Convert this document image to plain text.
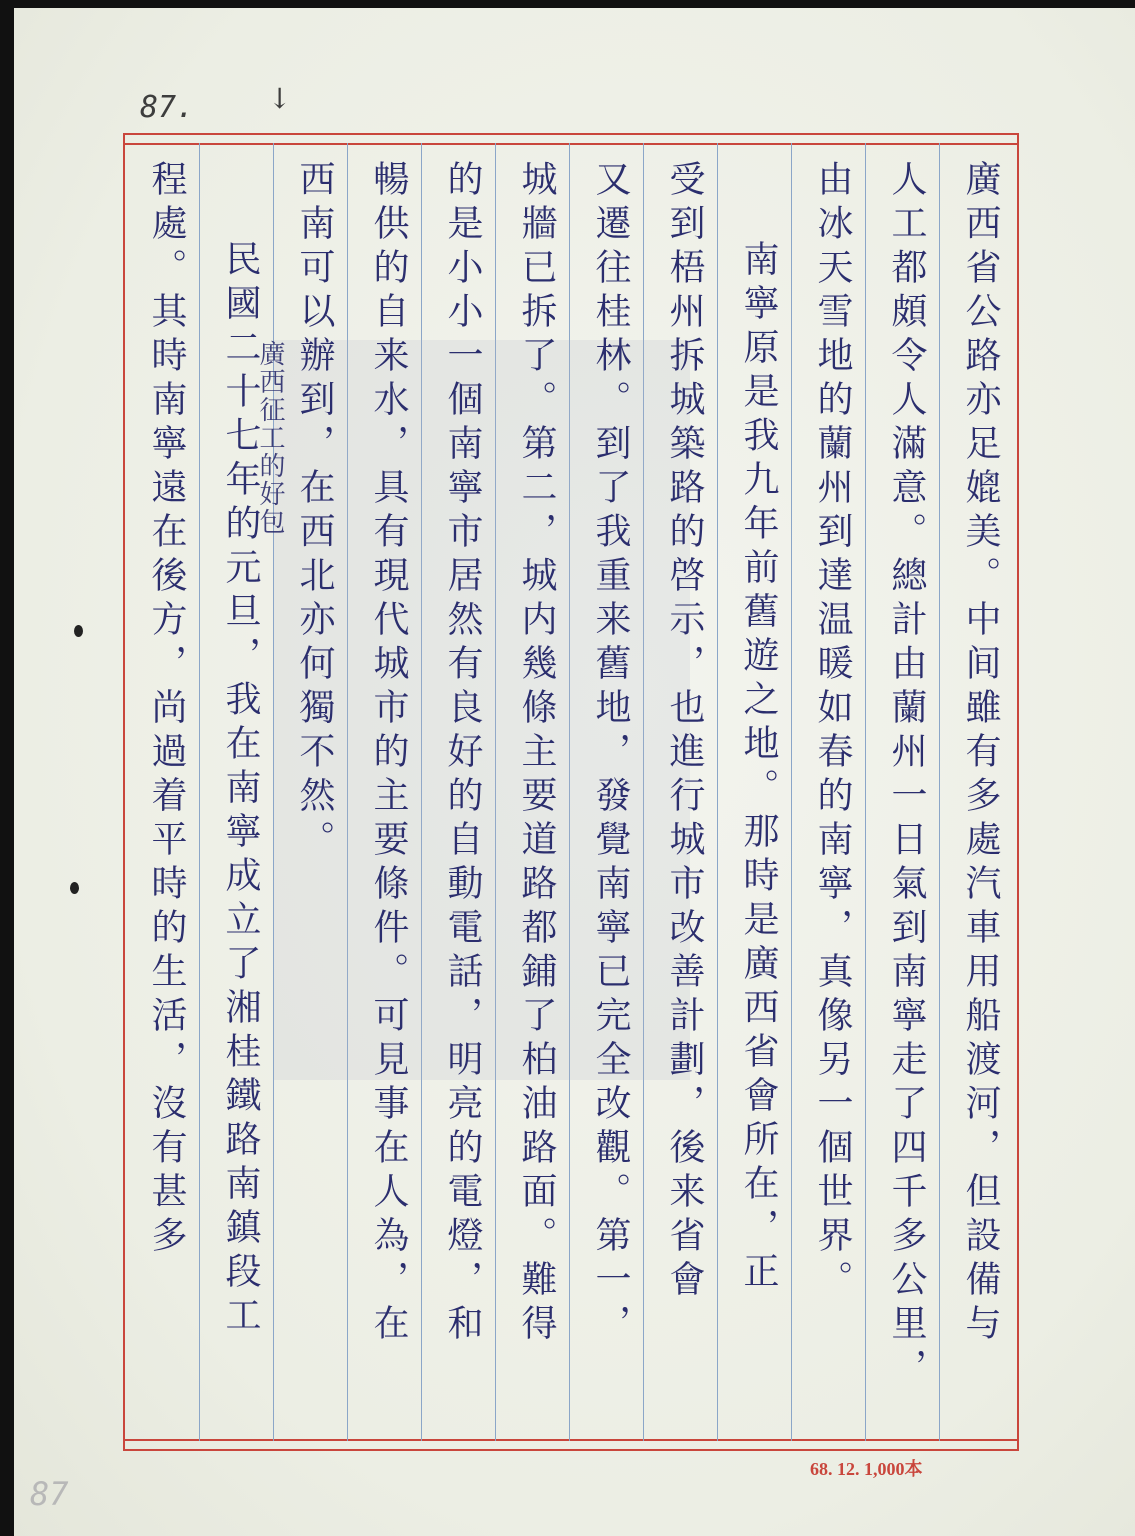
87.	↓
廣西省公路亦足媲美。中间雖有多處汽車用船渡河，但設備与
人工都頗令人滿意。總計由蘭州一日氣到南寧走了四千多公里，
由冰天雪地的蘭州到達温暖如春的南寧，真像另一個世界。
南寧原是我九年前舊遊之地。那時是廣西省會所在，正
受到梧州拆城築路的啓示，也進行城市改善計劃，後来省會
又遷往桂林。到了我重来舊地，發覺南寧已完全改觀。第一，
城牆已拆了。第二，城内幾條主要道路都鋪了柏油路面。難得
的是小小一個南寧市居然有良好的自動電話，明亮的電燈，和
暢供的自来水，具有現代城市的主要條件。可見事在人為，在
西南可以辦到，在西北亦何獨不然。
民國二十七年的元旦，我在南寧成立了湘桂鐵路南鎮段工
程處。其時南寧遠在後方，尚過着平時的生活，沒有甚多	廣西征工的好包
68. 12. 1,000本
87
